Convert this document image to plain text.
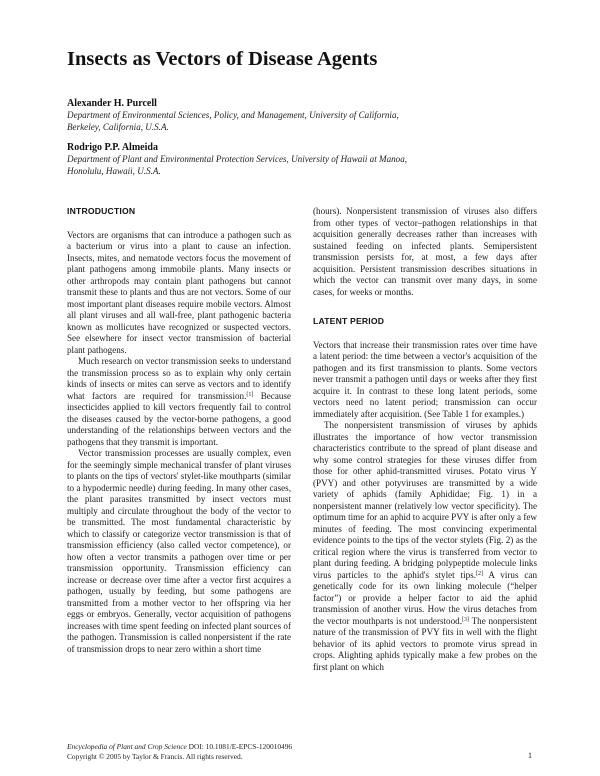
Insects as Vectors of Disease Agents
Alexander H. Purcell
Department of Environmental Sciences, Policy, and Management, University of California,
Berkeley, California, U.S.A.
Rodrigo P.P. Almeida
Department of Plant and Environmental Protection Services, University of Hawaii at Manoa,
Honolulu, Hawaii, U.S.A.
INTRODUCTION

Vectors are organisms that can introduce a pathogen such as a bacterium or virus into a plant to cause an infection. Insects, mites, and nematode vectors focus the movement of plant pathogens among immobile plants. Many insects or other arthropods may contain plant pathogens but cannot transmit these to plants and thus are not vectors. Some of our most important plant diseases require mobile vectors. Almost all plant viruses and all wall-free, plant pathogenic bacteria known as mollicutes have recognized or suspected vectors. See elsewhere for insect vector transmission of bacterial plant pathogens.

Much research on vector transmission seeks to understand the transmission process so as to explain why only certain kinds of insects or mites can serve as vectors and to identify what factors are required for transmission.[1] Because insecticides applied to kill vectors frequently fail to control the diseases caused by the vector-borne pathogens, a good understanding of the relationships between vectors and the pathogens that they transmit is important.

Vector transmission processes are usually complex, even for the seemingly simple mechanical transfer of plant viruses to plants on the tips of vectors' stylet-like mouthparts (similar to a hypodermic needle) during feeding. In many other cases, the plant parasites transmitted by insect vectors must multiply and circulate throughout the body of the vector to be transmitted. The most fundamental characteristic by which to classify or categorize vector transmission is that of transmission efficiency (also called vector competence), or how often a vector transmits a pathogen over time or per transmission opportunity. Transmission efficiency can increase or decrease over time after a vector first acquires a pathogen, usually by feeding, but some pathogens are transmitted from a mother vector to her offspring via her eggs or embryos. Generally, vector acquisition of pathogens increases with time spent feeding on infected plant sources of the pathogen. Transmission is called nonpersistent if the rate of transmission drops to near zero within a short time

(hours). Nonpersistent transmission of viruses also differs from other types of vector–pathogen relationships in that acquisition generally decreases rather than increases with sustained feeding on infected plants. Semipersistent transmission persists for, at most, a few days after acquisition. Persistent transmission describes situations in which the vector can transmit over many days, in some cases, for weeks or months.

LATENT PERIOD

Vectors that increase their transmission rates over time have a latent period: the time between a vector's acquisition of the pathogen and its first transmission to plants. Some vectors never transmit a pathogen until days or weeks after they first acquire it. In contrast to these long latent periods, some vectors need no latent period; transmission can occur immediately after acquisition. (See Table 1 for examples.)

The nonpersistent transmission of viruses by aphids illustrates the importance of how vector transmission characteristics contribute to the spread of plant disease and why some control strategies for these viruses differ from those for other aphid-transmitted viruses. Potato virus Y (PVY) and other potyviruses are transmitted by a wide variety of aphids (family Aphididae; Fig. 1) in a nonpersistent manner (relatively low vector specificity). The optimum time for an aphid to acquire PVY is after only a few minutes of feeding. The most convincing experimental evidence points to the tips of the vector stylets (Fig. 2) as the critical region where the virus is transferred from vector to plant during feeding. A bridging polypeptide molecule links virus particles to the aphid's stylet tips.[2] A virus can genetically code for its own linking molecule (“helper factor”) or provide a helper factor to aid the aphid transmission of another virus. How the virus detaches from the vector mouthparts is not understood.[3] The nonpersistent nature of the transmission of PVY fits in well with the flight behavior of its aphid vectors to promote virus spread in crops. Alighting aphids typically make a few probes on the first plant on which

Encyclopedia of Plant and Crop Science DOI: 10.1081/E-EPCS-120010496
Copyright © 2005 by Taylor & Francis. All rights reserved.	1
